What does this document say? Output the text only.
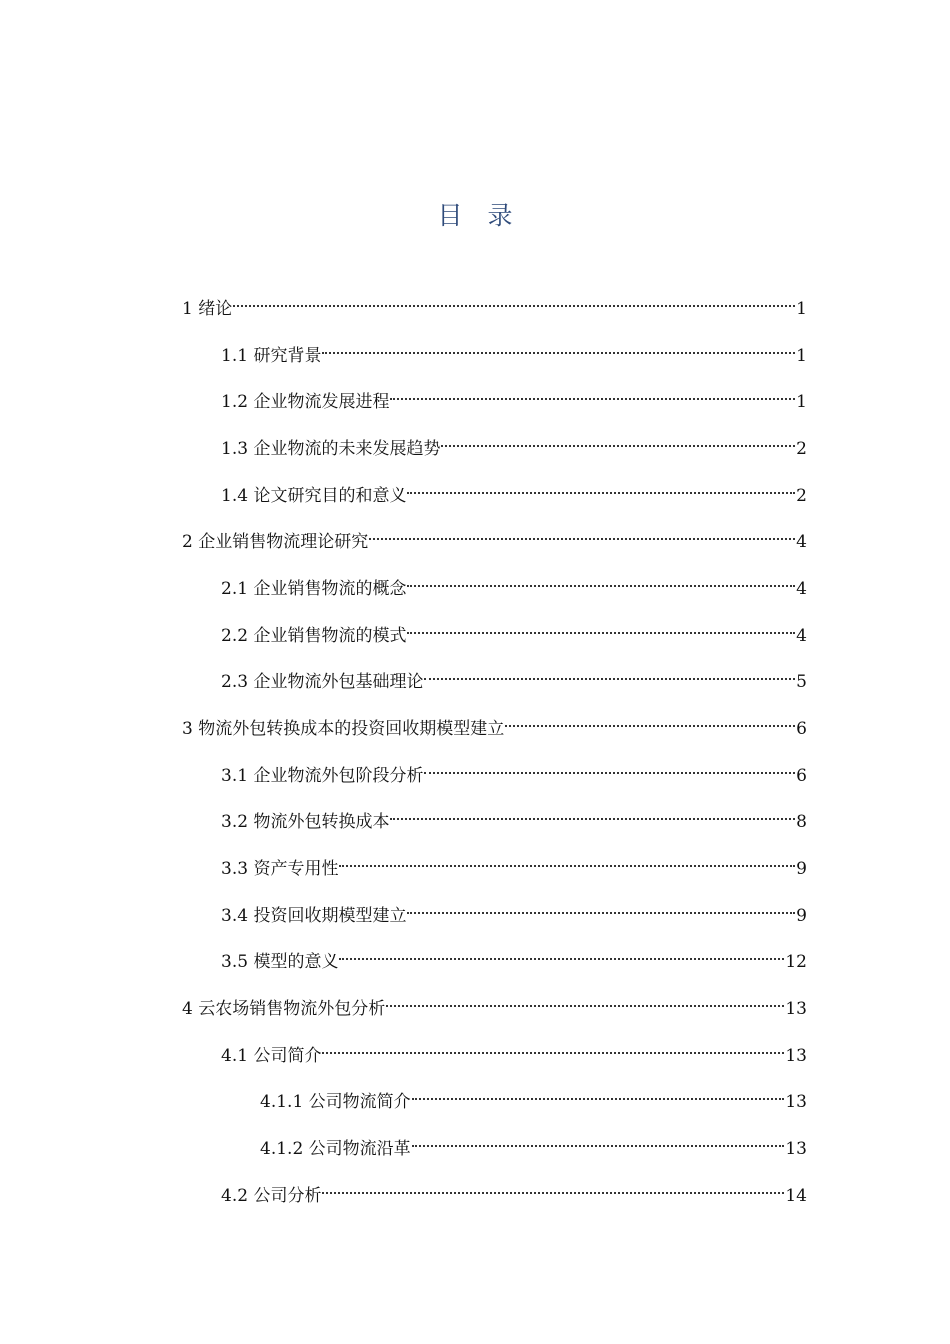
目　录
1 绪论	1
1.1 研究背景	1
1.2 企业物流发展进程	1
1.3 企业物流的未来发展趋势	2
1.4 论文研究目的和意义	2
2 企业销售物流理论研究	4
2.1 企业销售物流的概念	4
2.2 企业销售物流的模式	4
2.3 企业物流外包基础理论	5
3 物流外包转换成本的投资回收期模型建立	6
3.1 企业物流外包阶段分析	6
3.2 物流外包转换成本	8
3.3 资产专用性	9
3.4 投资回收期模型建立	9
3.5 模型的意义	12
4 云农场销售物流外包分析	13
4.1 公司简介	13
4.1.1 公司物流简介	13
4.1.2 公司物流沿革	13
4.2 公司分析	14
